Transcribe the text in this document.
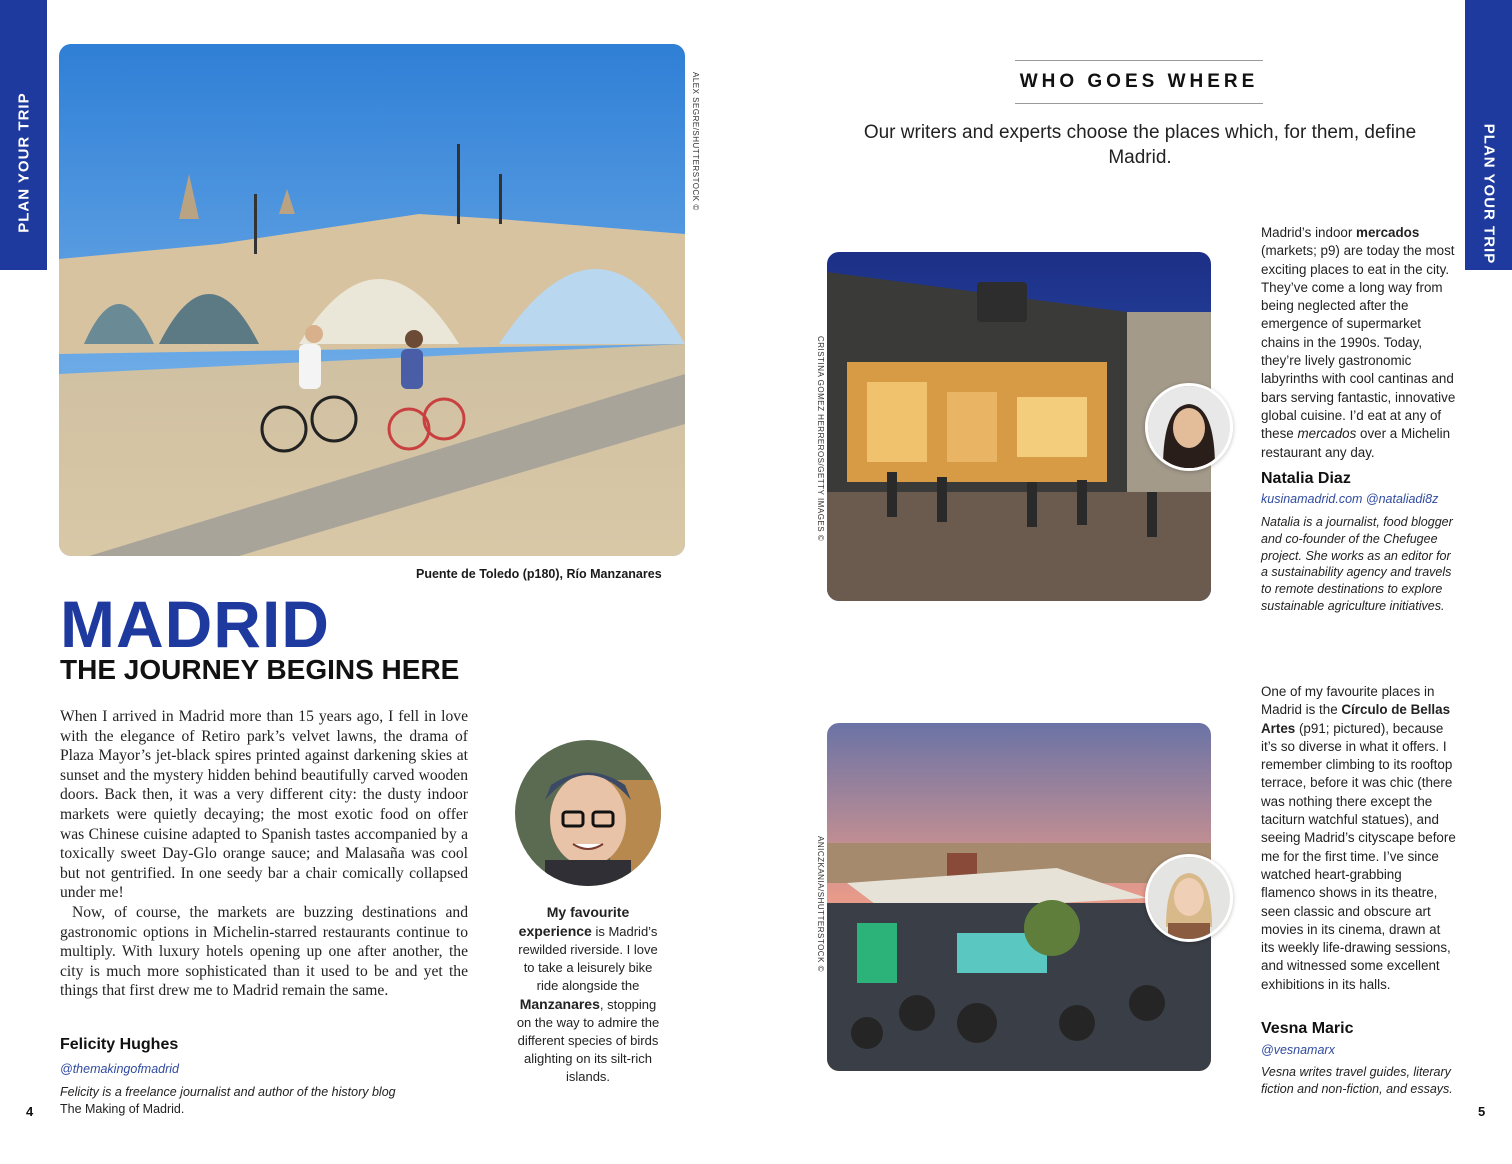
PLAN YOUR TRIP	PLAN YOUR TRIP
ALEX SEGRE/SHUTTERSTOCK ©
Puente de Toledo (p180), Río Manzanares
MADRID
THE JOURNEY BEGINS HERE

When I arrived in Madrid more than 15 years ago, I fell in love with the elegance of Retiro park’s velvet lawns, the drama of Plaza Mayor’s jet-black spires printed against darkening skies at sunset and the mystery hidden behind beautifully carved wooden doors. Back then, it was a very different city: the dusty indoor markets were quietly decaying; the most exotic food on offer was Chinese cuisine adapted to Spanish tastes accompanied by a toxically sweet Day-Glo orange sauce; and Malasaña was cool but not gentrified. In one seedy bar a chair comically collapsed under me!

Now, of course, the markets are buzzing destinations and gastronomic options in Michelin-starred restaurants continue to multiply. With luxury hotels opening up one after another, the city is much more sophisticated than it used to be and yet the things that first drew me to Madrid remain the same.

Felicity Hughes
@themakingofmadrid
Felicity is a freelance journalist and author of the history blog
The Making of Madrid.
My favourite experience is Madrid’s rewilded riverside. I love to take a leisurely bike ride alongside the Manzanares, stopping on the way to admire the different species of birds alighting on its silt-rich islands.
4
WHO GOES WHERE
Our writers and experts choose the places which, for them, define Madrid.
CRISTINA GOMEZ HERREROS/GETTY IMAGES ©
Madrid’s indoor mercados (markets; p9) are today the most exciting places to eat in the city. They’ve come a long way from being neglected after the emergence of supermarket chains in the 1990s. Today, they’re lively gastronomic labyrinths with cool cantinas and bars serving fantastic, innovative global cuisine. I’d eat at any of these mercados over a Michelin restaurant any day.
Natalia Diaz
kusinamadrid.com @nataliadi8z
Natalia is a journalist, food blogger and co-founder of the Chefugee project. She works as an editor for a sustainability agency and travels to remote destinations to explore sustainable agriculture initiatives.
ANICZKANIA/SHUTTERSTOCK ©
One of my favourite places in Madrid is the Círculo de Bellas Artes (p91; pictured), because it’s so diverse in what it offers. I remember climbing to its rooftop terrace, before it was chic (there was nothing there except the taciturn watchful statues), and seeing Madrid’s cityscape before me for the first time. I’ve since watched heart-grabbing flamenco shows in its theatre, seen classic and obscure art movies in its cinema, drawn at its weekly life-drawing sessions, and witnessed some excellent exhibitions in its halls.
Vesna Maric
@vesnamarx
Vesna writes travel guides, literary fiction and non-fiction, and essays.
5
